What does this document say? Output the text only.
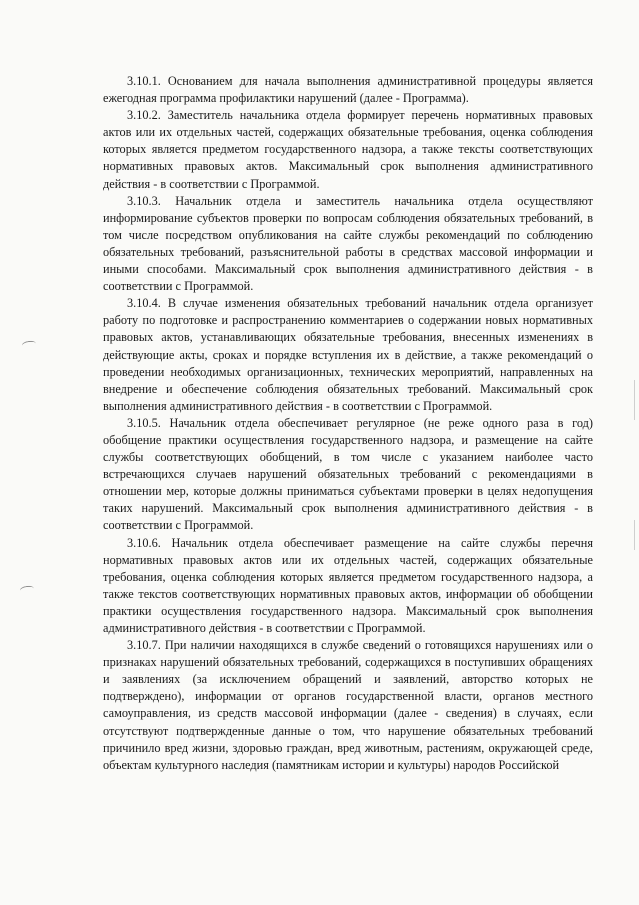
3.10.1. Основанием для начала выполнения административной процедуры является ежегодная программа профилактики нарушений (далее - Программа).

3.10.2. Заместитель начальника отдела формирует перечень нормативных правовых актов или их отдельных частей, содержащих обязательные требования, оценка соблюдения которых является предметом государственного надзора, а также тексты соответствующих нормативных правовых актов. Максимальный срок выполнения административного действия - в соответствии с Программой.

3.10.3. Начальник отдела и заместитель начальника отдела осуществляют информирование субъектов проверки по вопросам соблюдения обязательных требований, в том числе посредством опубликования на сайте службы рекомендаций по соблюдению обязательных требований, разъяснительной работы в средствах массовой информации и иными способами. Максимальный срок выполнения административного действия - в соответствии с Программой.

3.10.4. В случае изменения обязательных требований начальник отдела организует работу по подготовке и распространению комментариев о содержании новых нормативных правовых актов, устанавливающих обязательные требования, внесенных изменениях в действующие акты, сроках и порядке вступления их в действие, а также рекомендаций о проведении необходимых организационных, технических мероприятий, направленных на внедрение и обеспечение соблюдения обязательных требований. Максимальный срок выполнения административного действия - в соответствии с Программой.

3.10.5. Начальник отдела обеспечивает регулярное (не реже одного раза в год) обобщение практики осуществления государственного надзора, и размещение на сайте службы соответствующих обобщений, в том числе с указанием наиболее часто встречающихся случаев нарушений обязательных требований с рекомендациями в отношении мер, которые должны приниматься субъектами проверки в целях недопущения таких нарушений. Максимальный срок выполнения административного действия - в соответствии с Программой.

3.10.6. Начальник отдела обеспечивает размещение на сайте службы перечня нормативных правовых актов или их отдельных частей, содержащих обязательные требования, оценка соблюдения которых является предметом государственного надзора, а также текстов соответствующих нормативных правовых актов, информации об обобщении практики осуществления государственного надзора. Максимальный срок выполнения административного действия - в соответствии с Программой.

3.10.7. При наличии находящихся в службе сведений о готовящихся нарушениях или о признаках нарушений обязательных требований, содержащихся в поступивших обращениях и заявлениях (за исключением обращений и заявлений, авторство которых не подтверждено), информации от органов государственной власти, органов местного самоуправления, из средств массовой информации (далее - сведения) в случаях, если отсутствуют подтвержденные данные о том, что нарушение обязательных требований причинило вред жизни, здоровью граждан, вред животным, растениям, окружающей среде, объектам культурного наследия (памятникам истории и культуры) народов Российской
